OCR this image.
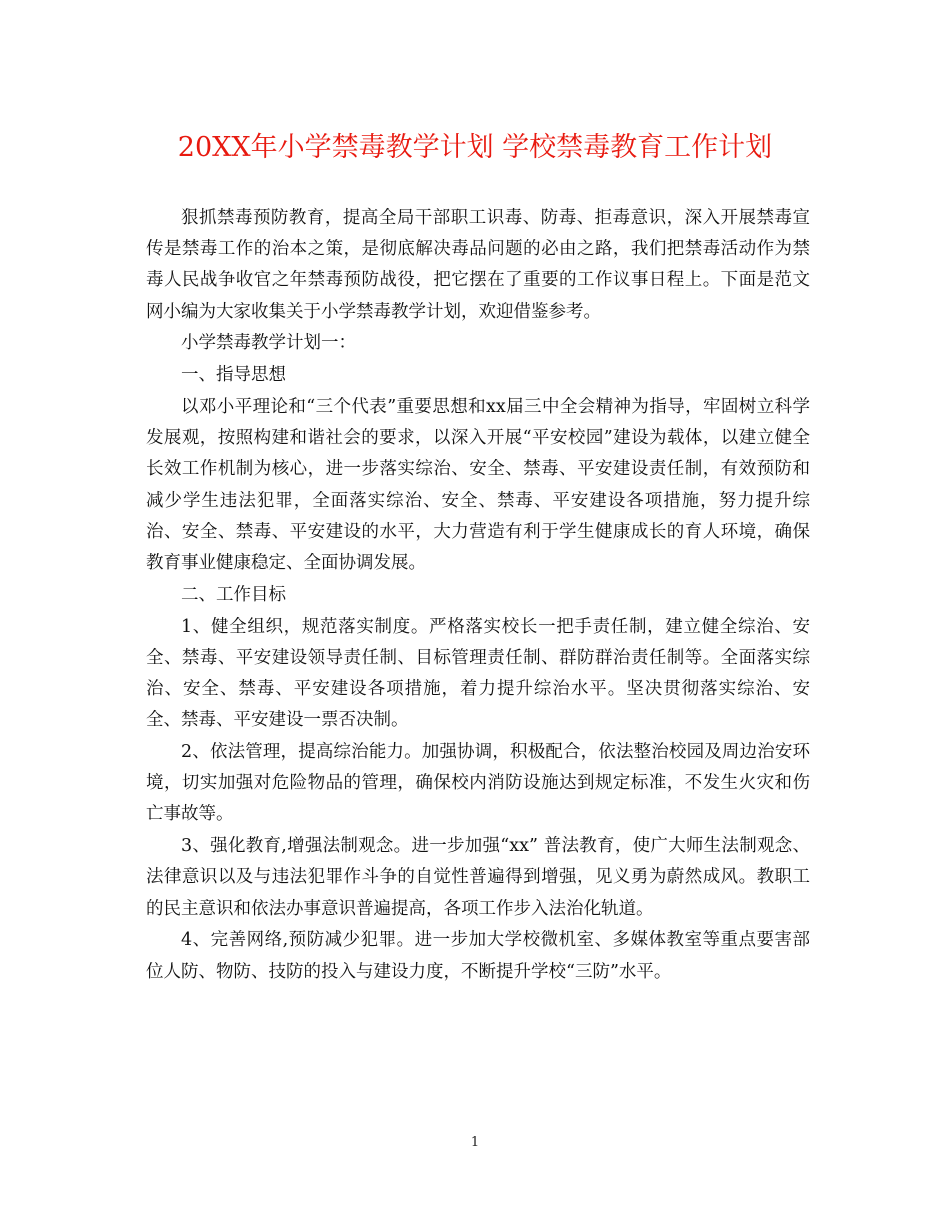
20XX年小学禁毒教学计划 学校禁毒教育工作计划

狠抓禁毒预防教育，提高全局干部职工识毒、防毒、拒毒意识，深入开展禁毒宣传是禁毒工作的治本之策，是彻底解决毒品问题的必由之路，我们把禁毒活动作为禁毒人民战争收官之年禁毒预防战役，把它摆在了重要的工作议事日程上。下面是范文网小编为大家收集关于小学禁毒教学计划，欢迎借鉴参考。

小学禁毒教学计划一：

一、指导思想

以邓小平理论和“三个代表”重要思想和xx届三中全会精神为指导，牢固树立科学发展观，按照构建和谐社会的要求，以深入开展“平安校园”建设为载体，以建立健全长效工作机制为核心，进一步落实综治、安全、禁毒、平安建设责任制，有效预防和减少学生违法犯罪，全面落实综治、安全、禁毒、平安建设各项措施，努力提升综治、安全、禁毒、平安建设的水平，大力营造有利于学生健康成长的育人环境，确保教育事业健康稳定、全面协调发展。

二、工作目标

1、健全组织，规范落实制度。严格落实校长一把手责任制，建立健全综治、安全、禁毒、平安建设领导责任制、目标管理责任制、群防群治责任制等。全面落实综治、安全、禁毒、平安建设各项措施，着力提升综治水平。坚决贯彻落实综治、安全、禁毒、平安建设一票否决制。

2、依法管理，提高综治能力。加强协调，积极配合，依法整治校园及周边治安环境，切实加强对危险物品的管理，确保校内消防设施达到规定标准，不发生火灾和伤亡事故等。

3、强化教育,增强法制观念。进一步加强“xx” 普法教育，使广大师生法制观念、法律意识以及与违法犯罪作斗争的自觉性普遍得到增强，见义勇为蔚然成风。教职工的民主意识和依法办事意识普遍提高，各项工作步入法治化轨道。

4、完善网络,预防减少犯罪。进一步加大学校微机室、多媒体教室等重点要害部位人防、物防、技防的投入与建设力度，不断提升学校“三防”水平。

1
